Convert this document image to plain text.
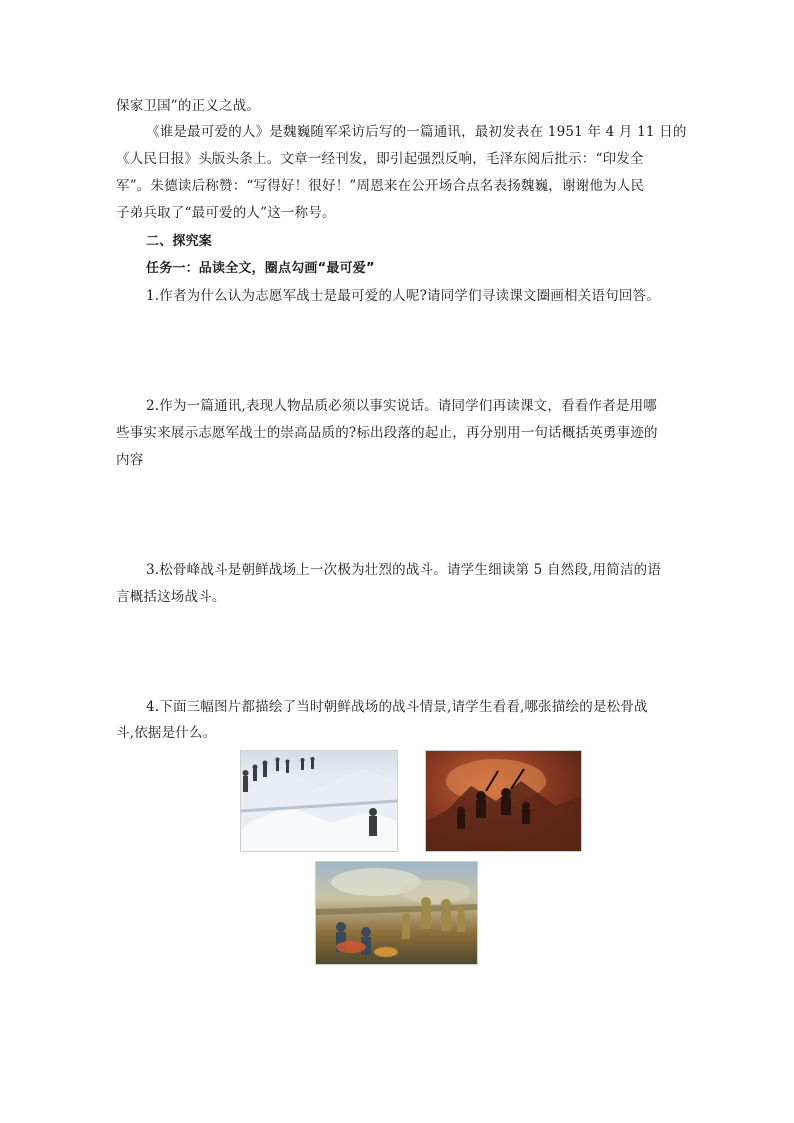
保家卫国”的正义之战。
《谁是最可爱的人》是魏巍随军采访后写的一篇通讯，最初发表在 1951 年 4 月 11 日的
《人民日报》头版头条上。文章一经刊发，即引起强烈反响，毛泽东阅后批示：“印发全
军”。朱德读后称赞：“写得好！很好！”周恩来在公开场合点名表扬魏巍，谢谢他为人民
子弟兵取了“最可爱的人”这一称号。
二、探究案
任务一：品读全文，圈点勾画“最可爱”
1.作者为什么认为志愿军战士是最可爱的人呢?请同学们寻读课文圈画相关语句回答。
2.作为一篇通讯,表现人物品质必须以事实说话。请同学们再读课文，看看作者是用哪
些事实来展示志愿军战士的崇高品质的?标出段落的起止，再分别用一句话概括英勇事迹的
内容
3.松骨峰战斗是朝鲜战场上一次极为壮烈的战斗。请学生细读第 5 自然段,用简洁的语
言概括这场战斗。
4.下面三幅图片都描绘了当时朝鲜战场的战斗情景,请学生看看,哪张描绘的是松骨战
斗,依据是什么。
